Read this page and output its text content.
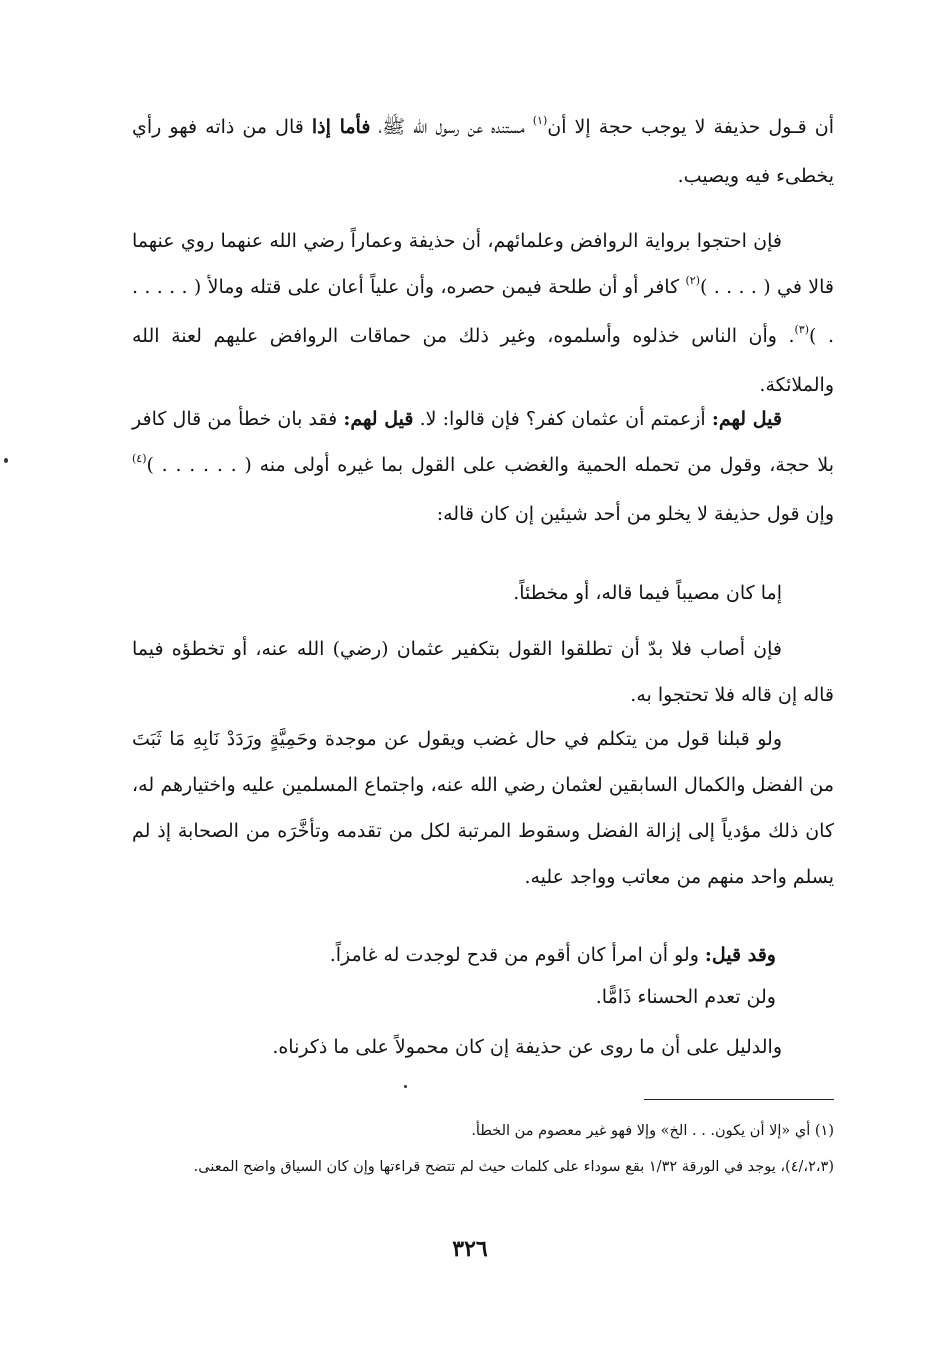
أن قـول حذيفة لا يوجب حجة إلا أن$^{(١)}$ مستنده عن رسول الله ﷺ، فأما إذا قال من ذاته فهو رأي يخطىء فيه ويصيب.

فإن احتجوا برواية الروافض وعلمائهم، أن حذيفة وعماراً رضي الله عنهما روي عنهما قالا في ( . . . . )$^{(٢)}$ كافر أو أن طلحة فيمن حصره، وأن علياً أعان على قتله ومالأ ( . . . . . . )$^{(٣)}$. وأن الناس خذلوه وأسلموه، وغير ذلك من حماقات الروافض عليهم لعنة الله والملائكة.

قيل لهم: أزعمتم أن عثمان كفر؟ فإن قالوا: لا. قيل لهم: فقد بان خطأ من قال كافر بلا حجة، وقول من تحمله الحمية والغضب على القول بما غيره أولى منه ( . . . . . . )$^{(٤)}$ وإن قول حذيفة لا يخلو من أحد شيئين إن كان قاله:

إما كان مصيباً فيما قاله، أو مخطئاً.

فإن أصاب فلا بدّ أن تطلقوا القول بتكفير عثمان (رضي) الله عنه، أو تخطؤه فيما قاله إن قاله فلا تحتجوا به.

ولو قبلنا قول من يتكلم في حال غضب ويقول عن موجدة وحَمِيَّةٍ ورَدَدْ نَابِهِ مَا ثَبَتَ من الفضل والكمال السابقين لعثمان رضي الله عنه، واجتماع المسلمين عليه واختيارهم له، كان ذلك مؤدياً إلى إزالة الفضل وسقوط المرتبة لكل من تقدمه وتأخَّرَه من الصحابة إذ لم يسلم واحد منهم من معاتب وواجد عليه.

وقد قيل: ولو أن امرأ كان أقوم من قدح لوجدت له غامزاً.
ولن تعدم الحسناء ذَامًّا.

والدليل على أن ما روى عن حذيفة إن كان محمولاً على ما ذكرناه.

(١) أي «إلا أن يكون. . . الخ» وإلا فهو غير معصوم من الخطأ.

(٢،٣،/٤)، يوجد في الورقة ١/٣٢ بقع سوداء على كلمات حيث لم تتضح قراءتها وإن كان السياق واضح المعنى.

٣٢٦
